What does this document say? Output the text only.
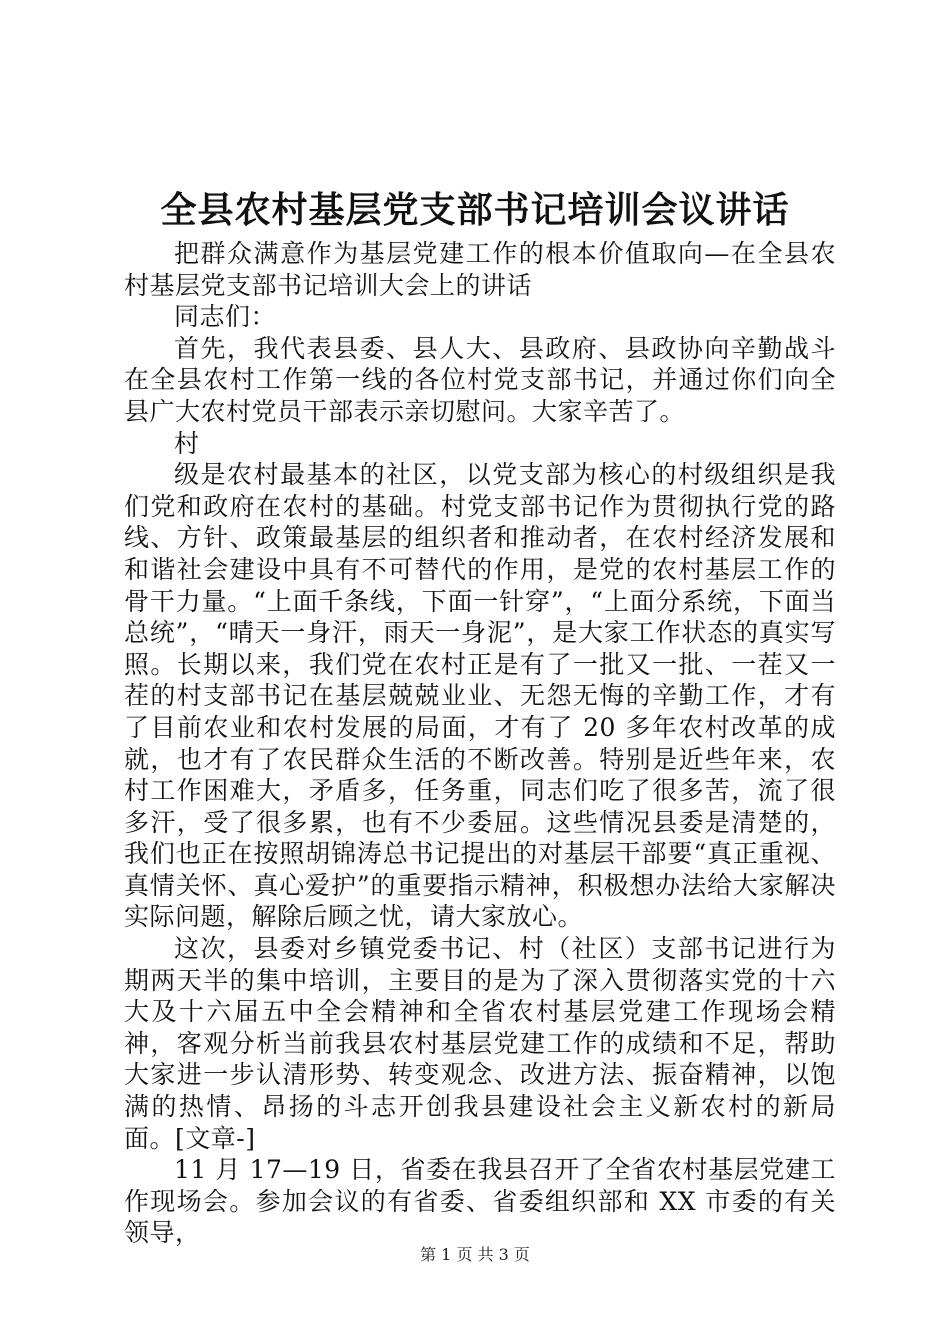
全县农村基层党支部书记培训会议讲话

把群众满意作为基层党建工作的根本价值取向—在全县农村基层党支部书记培训大会上的讲话

同志们：

首先，我代表县委、县人大、县政府、县政协向辛勤战斗在全县农村工作第一线的各位村党支部书记，并通过你们向全县广大农村党员干部表示亲切慰问。大家辛苦了。

村

级是农村最基本的社区，以党支部为核心的村级组织是我们党和政府在农村的基础。村党支部书记作为贯彻执行党的路线、方针、政策最基层的组织者和推动者，在农村经济发展和和谐社会建设中具有不可替代的作用，是党的农村基层工作的骨干力量。“上面千条线，下面一针穿”，“上面分系统，下面当总统”，“晴天一身汗，雨天一身泥”，是大家工作状态的真实写照。长期以来，我们党在农村正是有了一批又一批、一茬又一茬的村支部书记在基层兢兢业业、无怨无悔的辛勤工作，才有了目前农业和农村发展的局面，才有了 20 多年农村改革的成就，也才有了农民群众生活的不断改善。特别是近些年来，农村工作困难大，矛盾多，任务重，同志们吃了很多苦，流了很多汗，受了很多累，也有不少委屈。这些情况县委是清楚的，我们也正在按照胡锦涛总书记提出的对基层干部要“真正重视、真情关怀、真心爱护”的重要指示精神，积极想办法给大家解决实际问题，解除后顾之忧，请大家放心。

这次，县委对乡镇党委书记、村（社区）支部书记进行为期两天半的集中培训，主要目的是为了深入贯彻落实党的十六大及十六届五中全会精神和全省农村基层党建工作现场会精神，客观分析当前我县农村基层党建工作的成绩和不足，帮助大家进一步认清形势、转变观念、改进方法、振奋精神，以饱满的热情、昂扬的斗志开创我县建设社会主义新农村的新局面。[文章-]

11 月 17—19 日，省委在我县召开了全省农村基层党建工作现场会。参加会议的有省委、省委组织部和 XX 市委的有关领导，

第 1 页 共 3 页
